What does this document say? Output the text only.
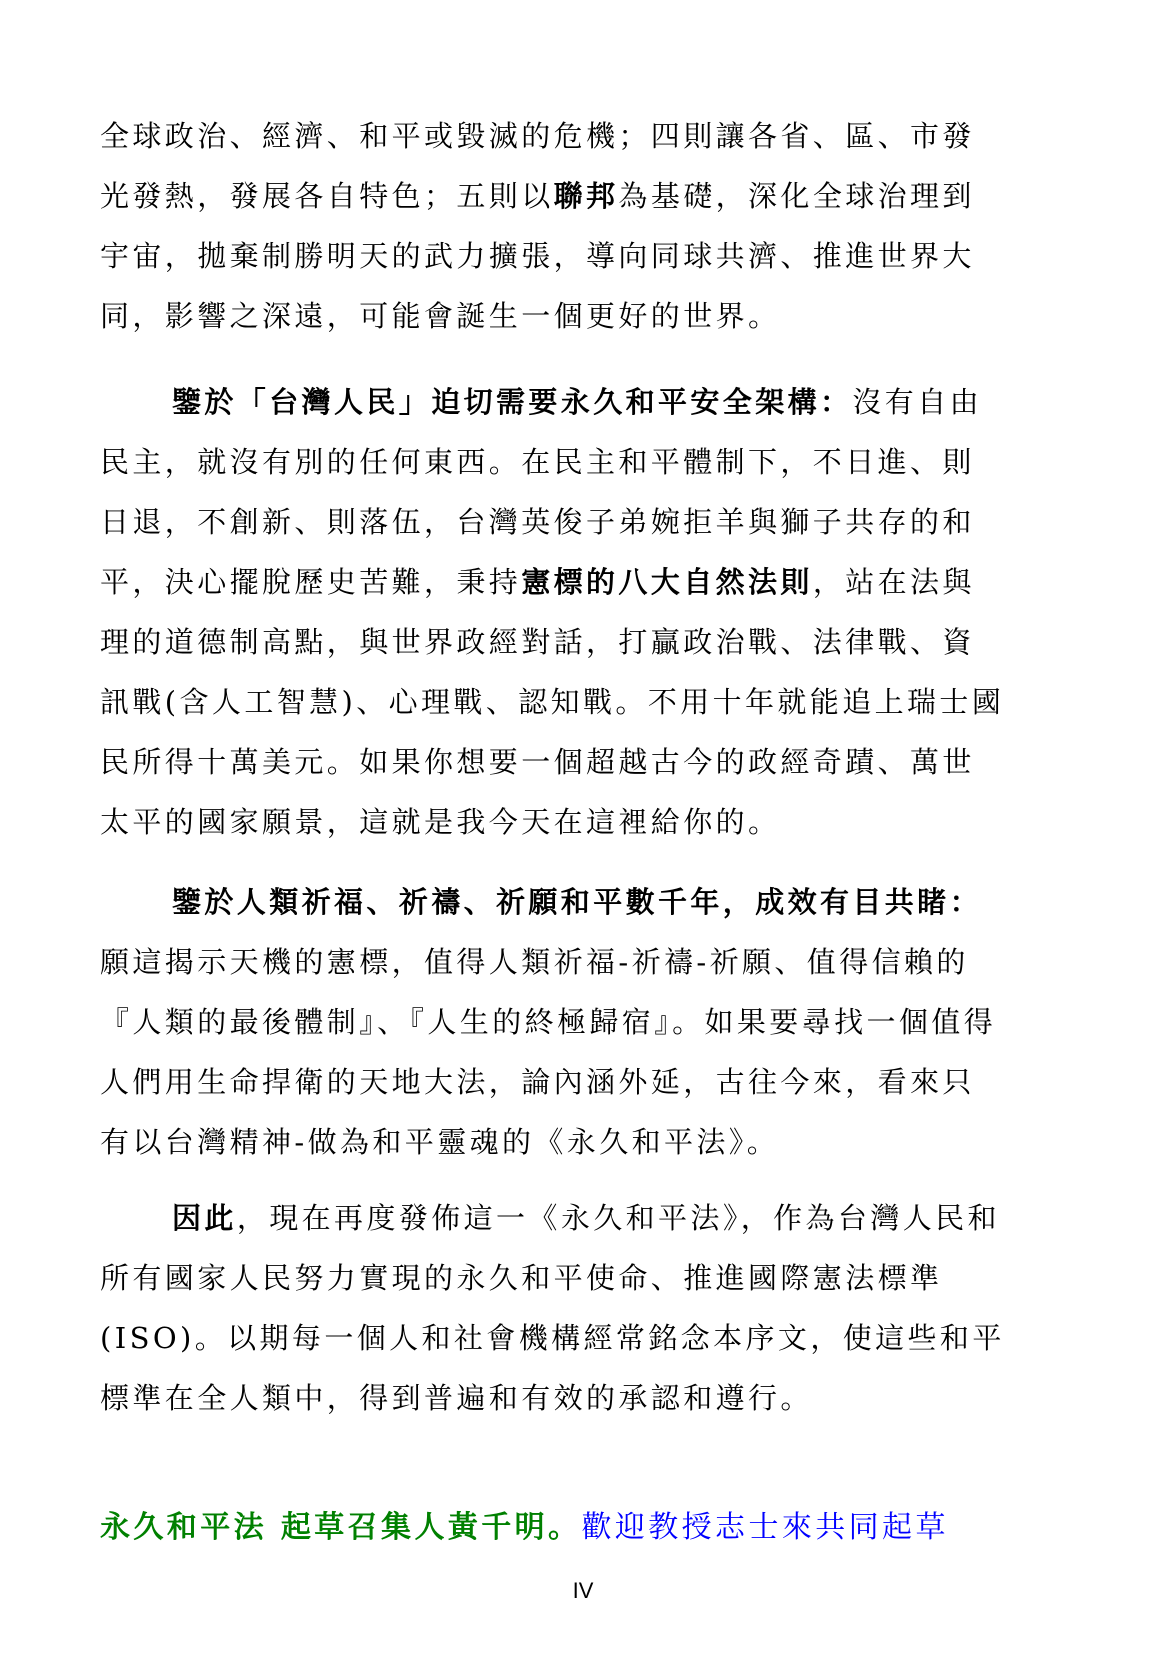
全球政治、經濟、和平或毀滅的危機；四則讓各省、區、市發
光發熱，發展各自特色；五則以聯邦為基礎，深化全球治理到
宇宙，拋棄制勝明天的武力擴張，導向同球共濟、推進世界大
同，影響之深遠，可能會誕生一個更好的世界。
鑒於「台灣人民」迫切需要永久和平安全架構：沒有自由
民主，就沒有別的任何東西。在民主和平體制下，不日進、則
日退，不創新、則落伍，台灣英俊子弟婉拒羊與獅子共存的和
平，決心擺脫歷史苦難，秉持憲標的八大自然法則，站在法與
理的道德制高點，與世界政經對話，打贏政治戰、法律戰、資
訊戰(含人工智慧)、心理戰、認知戰。不用十年就能追上瑞士國
民所得十萬美元。如果你想要一個超越古今的政經奇蹟、萬世
太平的國家願景，這就是我今天在這裡給你的。
鑒於人類祈福、祈禱、祈願和平數千年，成效有目共睹：
願這揭示天機的憲標，值得人類祈福-祈禱-祈願、值得信賴的
『人類的最後體制』、『人生的終極歸宿』。如果要尋找一個值得
人們用生命捍衛的天地大法，論內涵外延，古往今來，看來只
有以台灣精神-做為和平靈魂的《永久和平法》。
因此，現在再度發佈這一《永久和平法》，作為台灣人民和
所有國家人民努力實現的永久和平使命、推進國際憲法標準
(ISO)。以期每一個人和社會機構經常銘念本序文，使這些和平
標準在全人類中，得到普遍和有效的承認和遵行。

永久和平法 起草召集人黃千明。歡迎教授志士來共同起草

IV
